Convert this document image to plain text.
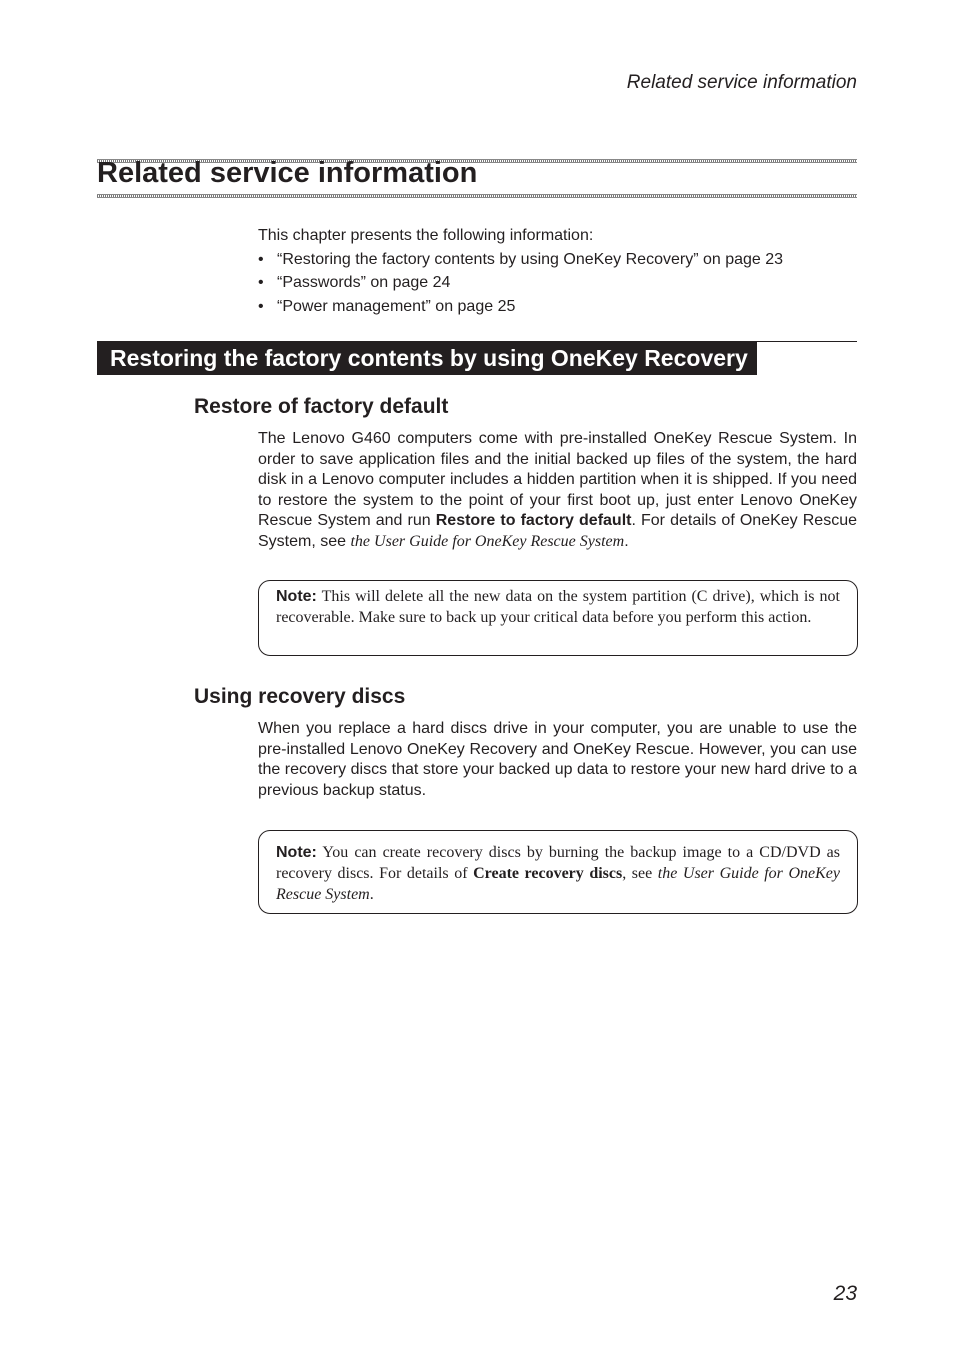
Related service information
Related service information
This chapter presents the following information:
• “Restoring the factory contents by using OneKey Recovery” on page 23
• “Passwords” on page 24
• “Power management” on page 25
Restoring the factory contents by using OneKey Recovery
Restore of factory default

The Lenovo G460 computers come with pre-installed OneKey Rescue System. In order to save application files and the initial backed up files of the system, the hard disk in a Lenovo computer includes a hidden partition when it is shipped. If you need to restore the system to the point of your first boot up, just enter Lenovo OneKey Rescue System and run Restore to factory default. For details of OneKey Rescue System, see the User Guide for OneKey Rescue System.

Note: This will delete all the new data on the system partition (C drive), which is not recoverable. Make sure to back up your critical data before you perform this action.
Using recovery discs

When you replace a hard discs drive in your computer, you are unable to use the pre-installed Lenovo OneKey Recovery and OneKey Rescue. However, you can use the recovery discs that store your backed up data to restore your new hard drive to a previous backup status.

Note: You can create recovery discs by burning the backup image to a CD/DVD as recovery discs. For details of Create recovery discs, see the User Guide for OneKey Rescue System.
23
